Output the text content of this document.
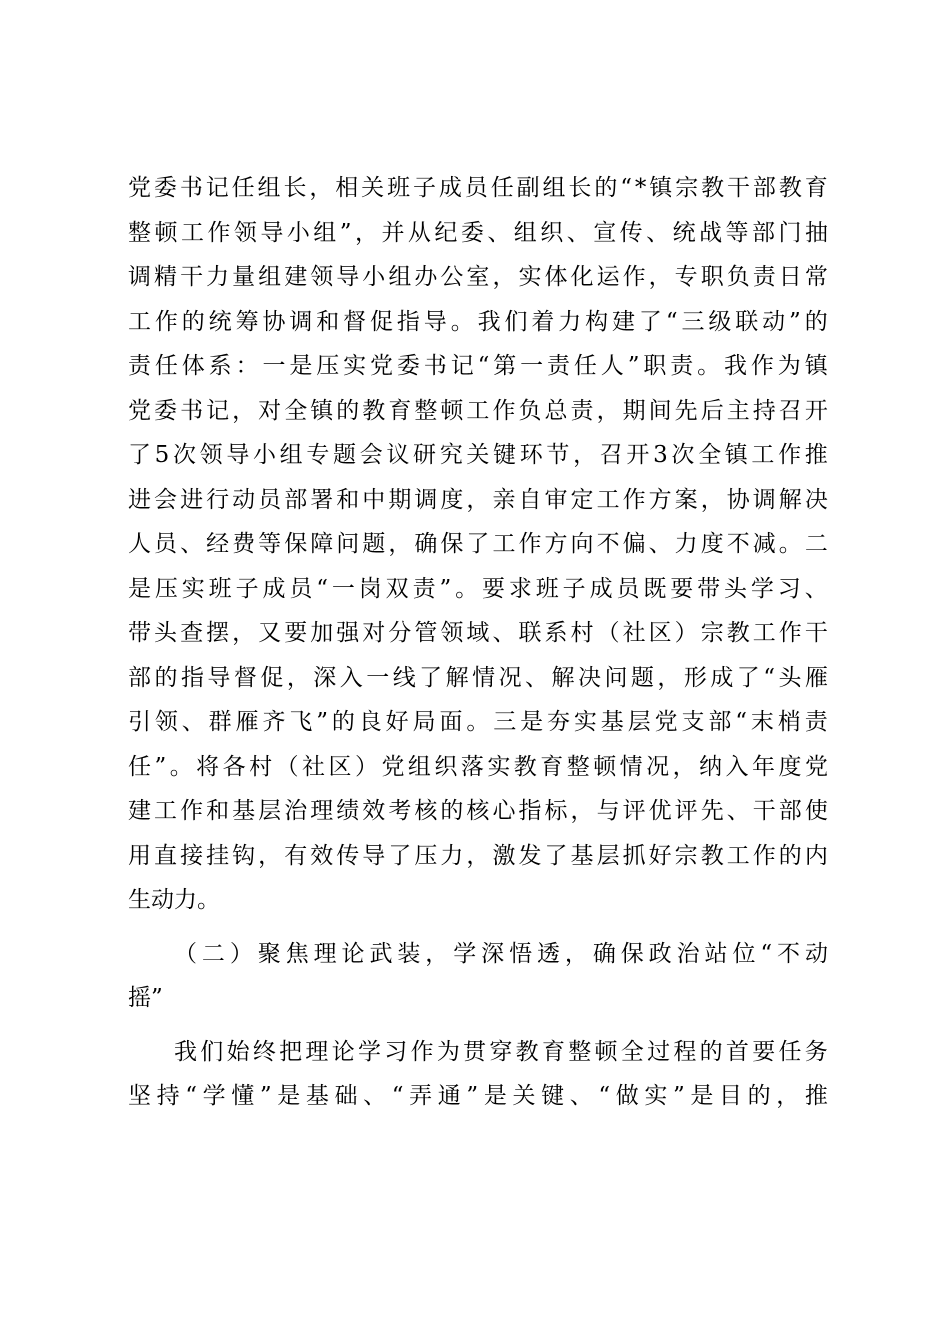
党 委 书 记 任 组 长 ， 相 关 班 子 成 员 任 副 组 长 的 “ * 镇 宗 教 干 部 教 育
整 顿 工 作 领 导 小 组 ” ， 并 从 纪 委 、 组 织 、 宣 传 、 统 战 等 部 门 抽
调 精 干 力 量 组 建 领 导 小 组 办 公 室 ， 实 体 化 运 作 ， 专 职 负 责 日 常
工 作 的 统 筹 协 调 和 督 促 指 导 。 我 们 着 力 构 建 了 “ 三 级 联 动 ” 的
责 任 体 系 ： 一 是 压 实 党 委 书 记 “ 第 一 责 任 人 ” 职 责 。 我 作 为 镇
党 委 书 记 ， 对 全 镇 的 教 育 整 顿 工 作 负 总 责 ， 期 间 先 后 主 持 召 开
了 5 次 领 导 小 组 专 题 会 议 研 究 关 键 环 节 ， 召 开 3 次 全 镇 工 作 推
进 会 进 行 动 员 部 署 和 中 期 调 度 ， 亲 自 审 定 工 作 方 案 ， 协 调 解 决
人 员 、 经 费 等 保 障 问 题 ， 确 保 了 工 作 方 向 不 偏 、 力 度 不 减 。 二
是 压 实 班 子 成 员 “ 一 岗 双 责 ” 。 要 求 班 子 成 员 既 要 带 头 学 习 、
带 头 查 摆 ， 又 要 加 强 对 分 管 领 域 、 联 系 村 （ 社 区 ） 宗 教 工 作 干
部 的 指 导 督 促 ， 深 入 一 线 了 解 情 况 、 解 决 问 题 ， 形 成 了 “ 头 雁
引 领 、 群 雁 齐 飞 ” 的 良 好 局 面 。 三 是 夯 实 基 层 党 支 部 “ 末 梢 责
任 ” 。 将 各 村 （ 社 区 ） 党 组 织 落 实 教 育 整 顿 情 况 ， 纳 入 年 度 党
建 工 作 和 基 层 治 理 绩 效 考 核 的 核 心 指 标 ， 与 评 优 评 先 、 干 部 使
用 直 接 挂 钩 ， 有 效 传 导 了 压 力 ， 激 发 了 基 层 抓 好 宗 教 工 作 的 内
生动力。
（ 二 ） 聚 焦 理 论 武 装 ， 学 深 悟 透 ， 确 保 政 治 站 位 “ 不 动
摇”
我 们 始 终 把 理 论 学 习 作 为 贯 穿 教 育 整 顿 全 过 程 的 首 要 任 务
坚 持 “ 学 懂 ” 是 基 础 、 “ 弄 通 ” 是 关 键 、 “ 做 实 ” 是 目 的 ， 推
